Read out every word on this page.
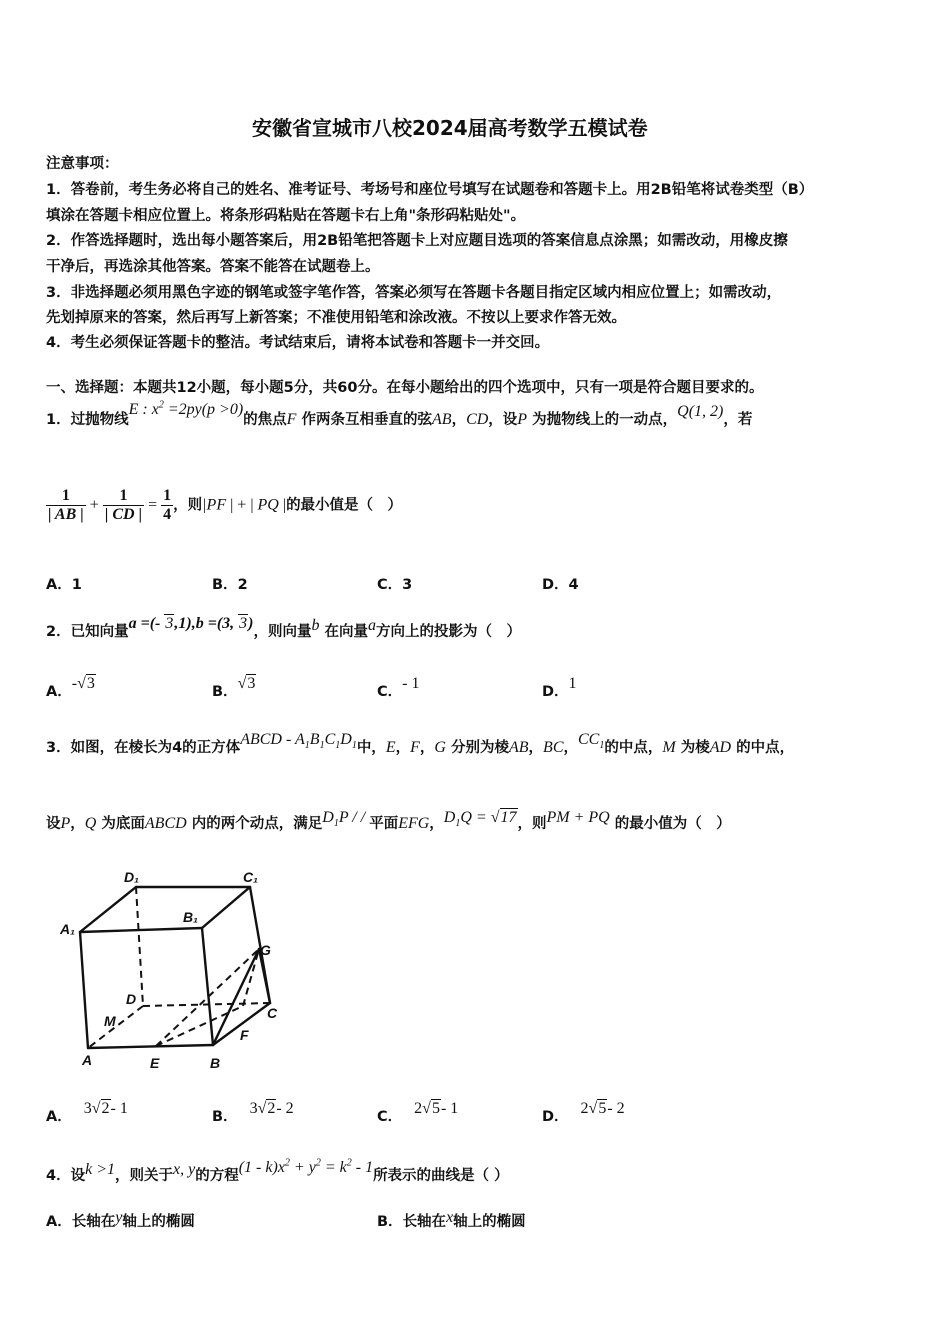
安徽省宣城市八校2024届高考数学五模试卷
注意事项：
1．答卷前，考生务必将自己的姓名、准考证号、考场号和座位号填写在试题卷和答题卡上。用2B铅笔将试卷类型（B）
填涂在答题卡相应位置上。将条形码粘贴在答题卡右上角"条形码粘贴处"。
2．作答选择题时，选出每小题答案后，用2B铅笔把答题卡上对应题目选项的答案信息点涂黑；如需改动，用橡皮擦
干净后，再选涂其他答案。答案不能答在试题卷上。
3．非选择题必须用黑色字迹的钢笔或签字笔作答，答案必须写在答题卡各题目指定区域内相应位置上；如需改动，
先划掉原来的答案，然后再写上新答案；不准使用铅笔和涂改液。不按以上要求作答无效。
4．考生必须保证答题卡的整洁。考试结束后，请将本试卷和答题卡一并交回。
一、选择题：本题共12小题，每小题5分，共60分。在每小题给出的四个选项中，只有一项是符合题目要求的。
1．过抛物线E : $x^2 =2py(p >0)$的焦点F 作两条互相垂直的弦AB，CD，设P 为抛物线上的一动点，Q(1, 2)，若
$\frac{1}{| AB |} + \frac{1}{| CD |} = \frac{1}{4}$ ，则|PF | + | PQ |的最小值是（　）
A．1	B．2	C．3	D．4
2．已知向量a =(- 3,1),b =(3, 3)，则向量b 在向量a方向上的投影为（　）
A．-√3	B．√3	C．- 1	D．1
3．如图，在棱长为4的正方体ABCD - $A_1B_1C_1D_1$中，E，F，G 分别为棱AB，BC，$CC_1$的中点，M 为棱AD 的中点，
设P，Q 为底面ABCD 内的两个动点，满足$D_1P$ / / 平面EFG，$D_1Q = √17$，则PM + PQ 的最小值为（　）
D₁	C₁
A₁
B₁
G
D
M	C
F
A	E	B
A． 3√2- 1	B． 3√2- 2	C． 2√5- 1	D． 2√5- 2
4．设k >1，则关于x, y的方程$(1 - k)x^2 + y^2 = k^2 - 1$所表示的曲线是（ ）
A．长轴在y轴上的椭圆	B．长轴在x轴上的椭圆
